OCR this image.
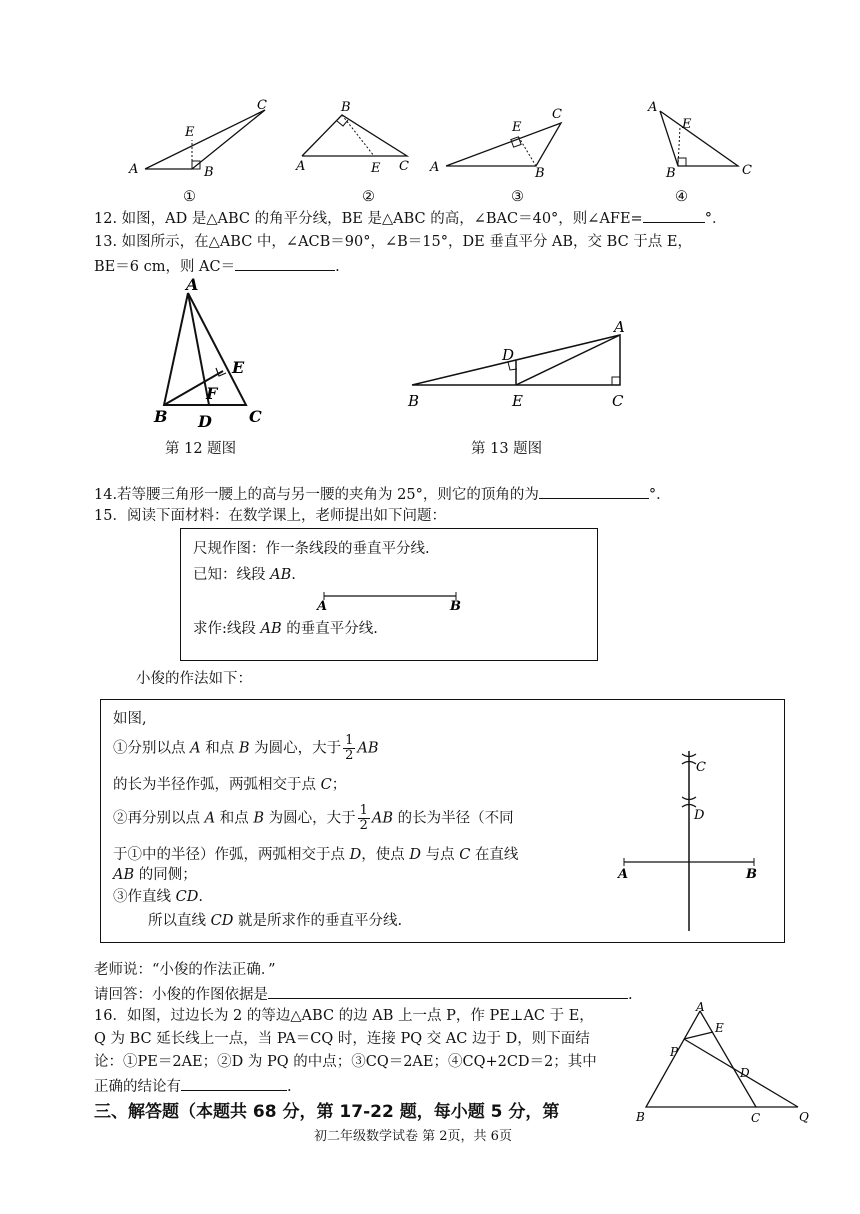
A	B
C
E
①
A
B
C
E
②
A	B
C
E
③
A
B	C
E
④
12. 如图，AD 是△ABC 的角平分线，BE 是△ABC 的高，∠BAC＝40°，则∠AFE=	°．
13. 如图所示，在△ABC 中，∠ACB＝90°，∠B＝15°，DE 垂直平分 AB，交 BC 于点 E，
BE＝6 cm，则 AC＝	.
A
B	C
D
E
F
第 12 题图
B	E	C
D
A
第 13 题图
14.若等腰三角形一腰上的高与另一腰的夹角为 25°，则它的顶角的为	°．
15．阅读下面材料：在数学课上，老师提出如下问题：
尺规作图：作一条线段的垂直平分线.
已知：线段 AB.
A	B
求作:线段 AB 的垂直平分线.
小俊的作法如下：
如图,
①分别以点 A 和点 B 为圆心，大于 $\frac{1}{2}$ AB
的长为半径作弧，两弧相交于点 C；
②再分别以点 A 和点 B 为圆心，大于 $\frac{1}{2}$ AB 的长为半径（不同
于①中的半径）作弧，两弧相交于点 D，使点 D 与点 C 在直线
AB 的同侧；
③作直线 CD.
所以直线 CD 就是所求作的垂直平分线.
C
D
A	B
老师说：“小俊的作法正确．”
请回答：小俊的作图依据是	.
16．如图，过边长为 2 的等边△ABC 的边 AB 上一点 P，作 PE⊥AC 于 E，
Q 为 BC 延长线上一点，当 PA＝CQ 时，连接 PQ 交 AC 边于 D，则下面结
论：①PE＝2AE；②D 为 PQ 的中点；③CQ＝2AE；④CQ+2CD＝2；其中
正确的结论有	.
A
E
P
D
B	C	Q
三、解答题（本题共 68 分，第 17-22 题，每小题 5 分，第
初二年级数学试卷 第 2页，共 6页
